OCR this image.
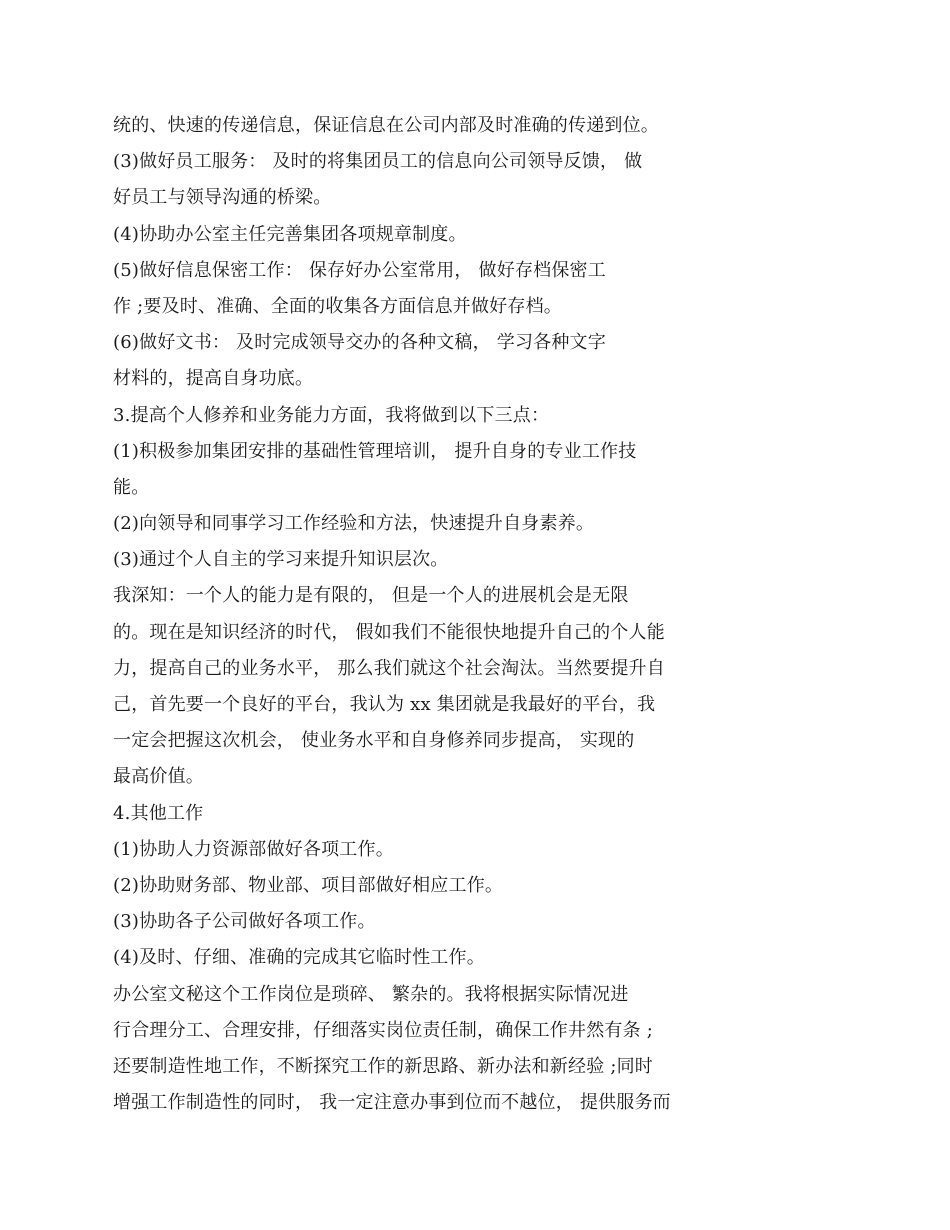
统的、快速的传递信息，保证信息在公司内部及时准确的传递到位。
(3)做好员工服务： 及时的将集团员工的信息向公司领导反馈， 做
好员工与领导沟通的桥梁。
(4)协助办公室主任完善集团各项规章制度。
(5)做好信息保密工作： 保存好办公室常用， 做好存档保密工
作 ;要及时、准确、全面的收集各方面信息并做好存档。
(6)做好文书： 及时完成领导交办的各种文稿， 学习各种文字
材料的，提高自身功底。
3.提高个人修养和业务能力方面，我将做到以下三点：
(1)积极参加集团安排的基础性管理培训， 提升自身的专业工作技
能。
(2)向领导和同事学习工作经验和方法，快速提升自身素养。
(3)通过个人自主的学习来提升知识层次。
我深知：一个人的能力是有限的， 但是一个人的进展机会是无限
的。现在是知识经济的时代， 假如我们不能很快地提升自己的个人能
力，提高自己的业务水平， 那么我们就这个社会淘汰。当然要提升自
己，首先要一个良好的平台，我认为 xx 集团就是我最好的平台，我
一定会把握这次机会， 使业务水平和自身修养同步提高， 实现的
最高价值。
4.其他工作
(1)协助人力资源部做好各项工作。
(2)协助财务部、物业部、项目部做好相应工作。
(3)协助各子公司做好各项工作。
(4)及时、仔细、准确的完成其它临时性工作。
办公室文秘这个工作岗位是琐碎、 繁杂的。我将根据实际情况进
行合理分工、合理安排，仔细落实岗位责任制，确保工作井然有条 ;
还要制造性地工作，不断探究工作的新思路、新办法和新经验 ;同时
增强工作制造性的同时， 我一定注意办事到位而不越位， 提供服务而
